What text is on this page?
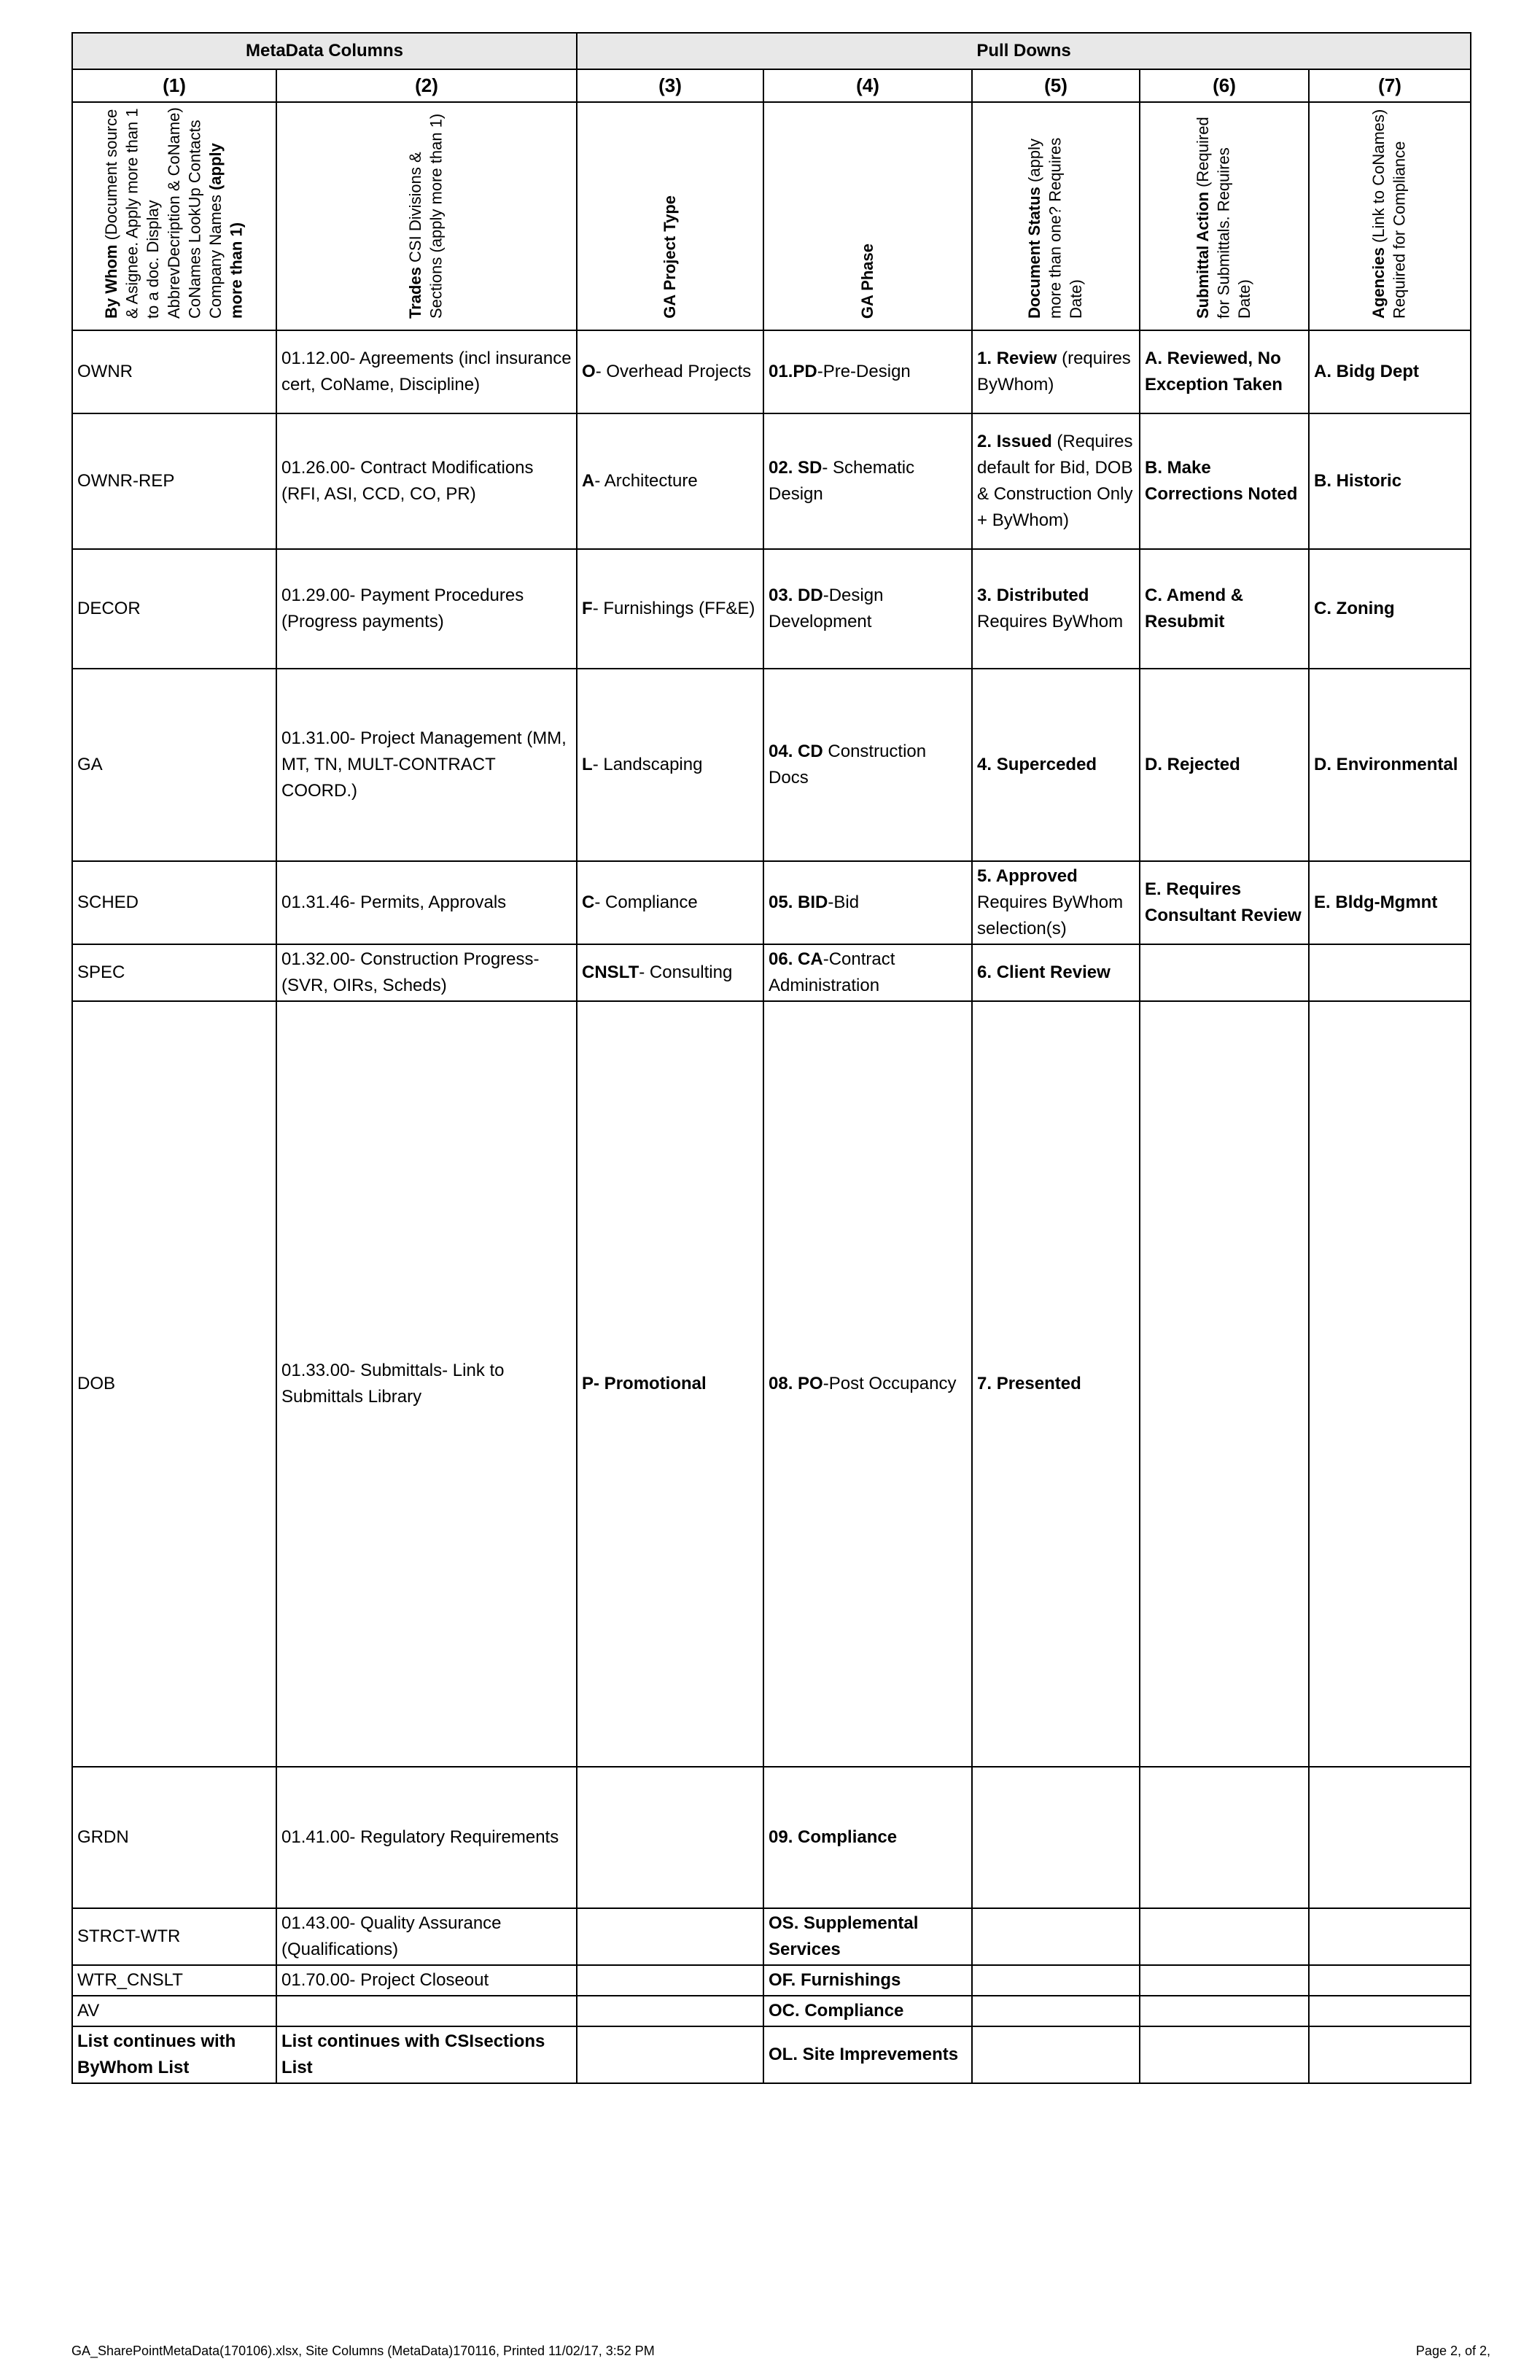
MetaData Columns		Pull Downs				
(1)	(2)	(3)	(4)	(5)	(6)	(7)
By Whom (Document source & Asignee. Apply more than 1 to a doc. Display AbbrevDecription & CoName) CoNames LookUp Contacts Company Names (apply more than 1)	Trades CSI Divisions & Sections (apply more than 1)	GA Project Type	GA Phase	Document Status (apply more than one? Requires Date)	Submittal Action (Required for Submittals. Requires Date)	Agencies (Link to CoNames) Required for Compliance
OWNR	01.12.00- Agreements (incl insurance cert, CoName, Discipline)	O- Overhead Projects	01.PD-Pre-Design	1. Review (requires ByWhom)	A. Reviewed, No Exception Taken	A. Bidg Dept
OWNR-REP	01.26.00- Contract Modifications (RFI, ASI, CCD, CO, PR)	A- Architecture	02. SD- Schematic Design	2. Issued (Requires default for Bid, DOB & Construction Only + ByWhom)	B. Make Corrections Noted	B. Historic
DECOR	01.29.00- Payment Procedures (Progress payments)	F- Furnishings (FF&E)	03. DD-Design Development	3. Distributed Requires ByWhom	C. Amend & Resubmit	C. Zoning
GA	01.31.00- Project Management (MM, MT, TN, MULT-CONTRACT COORD.)	L- Landscaping	04. CD Construction Docs	4. Superceded	D. Rejected	D. Environmental
SCHED	01.31.46- Permits, Approvals	C- Compliance	05. BID-Bid	5. Approved Requires ByWhom selection(s)	E. Requires Consultant Review	E. Bldg-Mgmnt
SPEC	01.32.00- Construction Progress- (SVR, OIRs, Scheds)	CNSLT- Consulting	06. CA-Contract Administration	6. Client Review		
DOB	01.33.00- Submittals- Link to Submittals Library	P- Promotional	08. PO-Post Occupancy	7. Presented		
GRDN	01.41.00- Regulatory Requirements		09. Compliance			
STRCT-WTR	01.43.00- Quality Assurance (Qualifications)		OS. Supplemental Services			
WTR_CNSLT	01.70.00- Project Closeout		OF. Furnishings			
AV			OC. Compliance			
List continues with ByWhom List	List continues with CSIsections List		OL. Site Imprevements			
GA_SharePointMetaData(170106).xlsx, Site Columns (MetaData)170116, Printed 11/02/17, 3:52 PM	Page 2, of 2,
